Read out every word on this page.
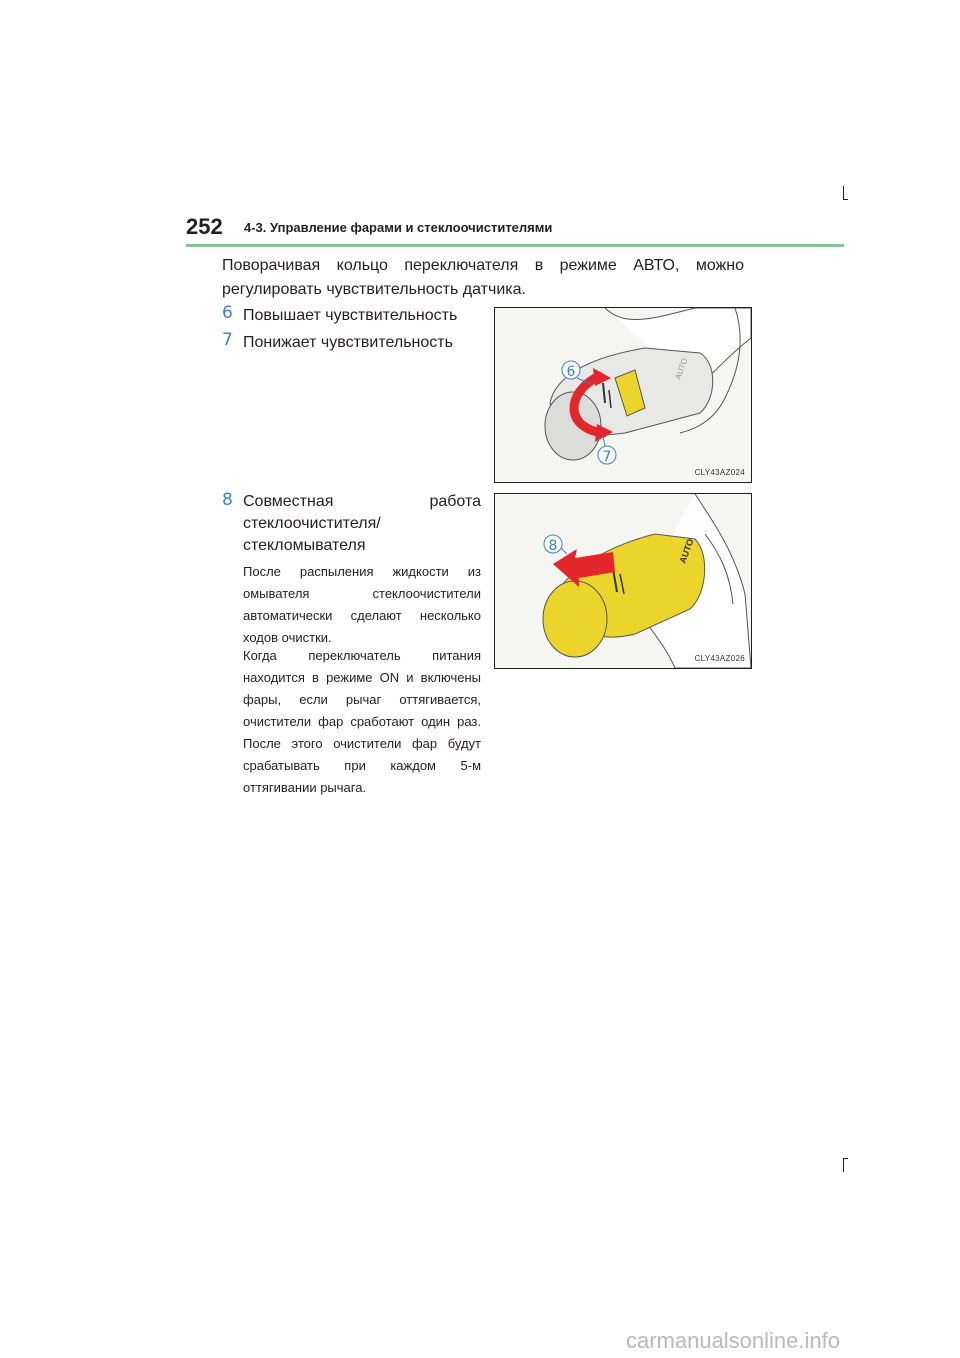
252 4-3. Управление фарами и стеклоочистителями
Поворачивая кольцо переключателя в режиме АВТО, можно регулировать чувствительность датчика.
6 Повышает чувствительность
7 Понижает чувствительность
AUTO
6
7
CLY43AZ024
8 Совместная	работа
стеклоочистителя/
стекломывателя
После распыления жидкости из омывателя стеклоочистители автоматически сделают несколько ходов очистки.
Когда переключатель питания находится в режиме ON и включены фары, если рычаг оттягивается, очистители фар сработают один раз. После этого очистители фар будут срабатывать при каждом 5-м оттягивании рычага.
AUTO
8
CLY43AZ026
carmanualsonline.info
